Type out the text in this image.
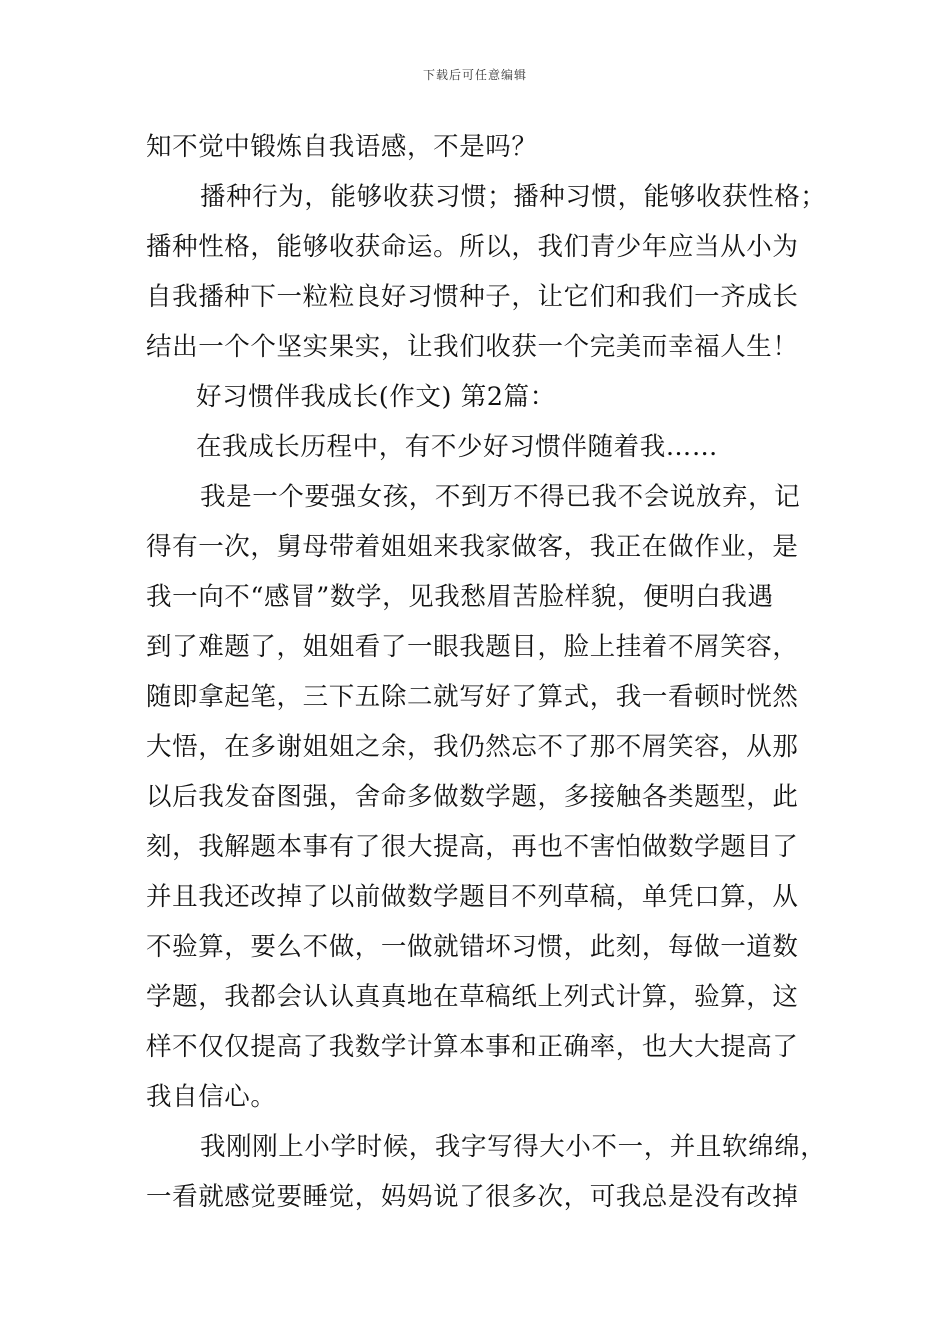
下载后可任意编辑
知不觉中锻炼自我语感，不是吗？
播种行为，能够收获习惯；播种习惯，能够收获性格；
播种性格，能够收获命运。所以，我们青少年应当从小为
自我播种下一粒粒良好习惯种子，让它们和我们一齐成长
结出一个个坚实果实，让我们收获一个完美而幸福人生！
好习惯伴我成长(作文) 第2篇：
在我成长历程中，有不少好习惯伴随着我……
我是一个要强女孩，不到万不得已我不会说放弃，记
得有一次，舅母带着姐姐来我家做客，我正在做作业，是
我一向不“感冒”数学，见我愁眉苦脸样貌，便明白我遇
到了难题了，姐姐看了一眼我题目，脸上挂着不屑笑容，
随即拿起笔，三下五除二就写好了算式，我一看顿时恍然
大悟，在多谢姐姐之余，我仍然忘不了那不屑笑容，从那
以后我发奋图强，舍命多做数学题，多接触各类题型，此
刻，我解题本事有了很大提高，再也不害怕做数学题目了
并且我还改掉了以前做数学题目不列草稿，单凭口算，从
不验算，要么不做，一做就错坏习惯，此刻，每做一道数
学题，我都会认认真真地在草稿纸上列式计算，验算，这
样不仅仅提高了我数学计算本事和正确率，也大大提高了
我自信心。
我刚刚上小学时候，我字写得大小不一，并且软绵绵，
一看就感觉要睡觉，妈妈说了很多次，可我总是没有改掉
